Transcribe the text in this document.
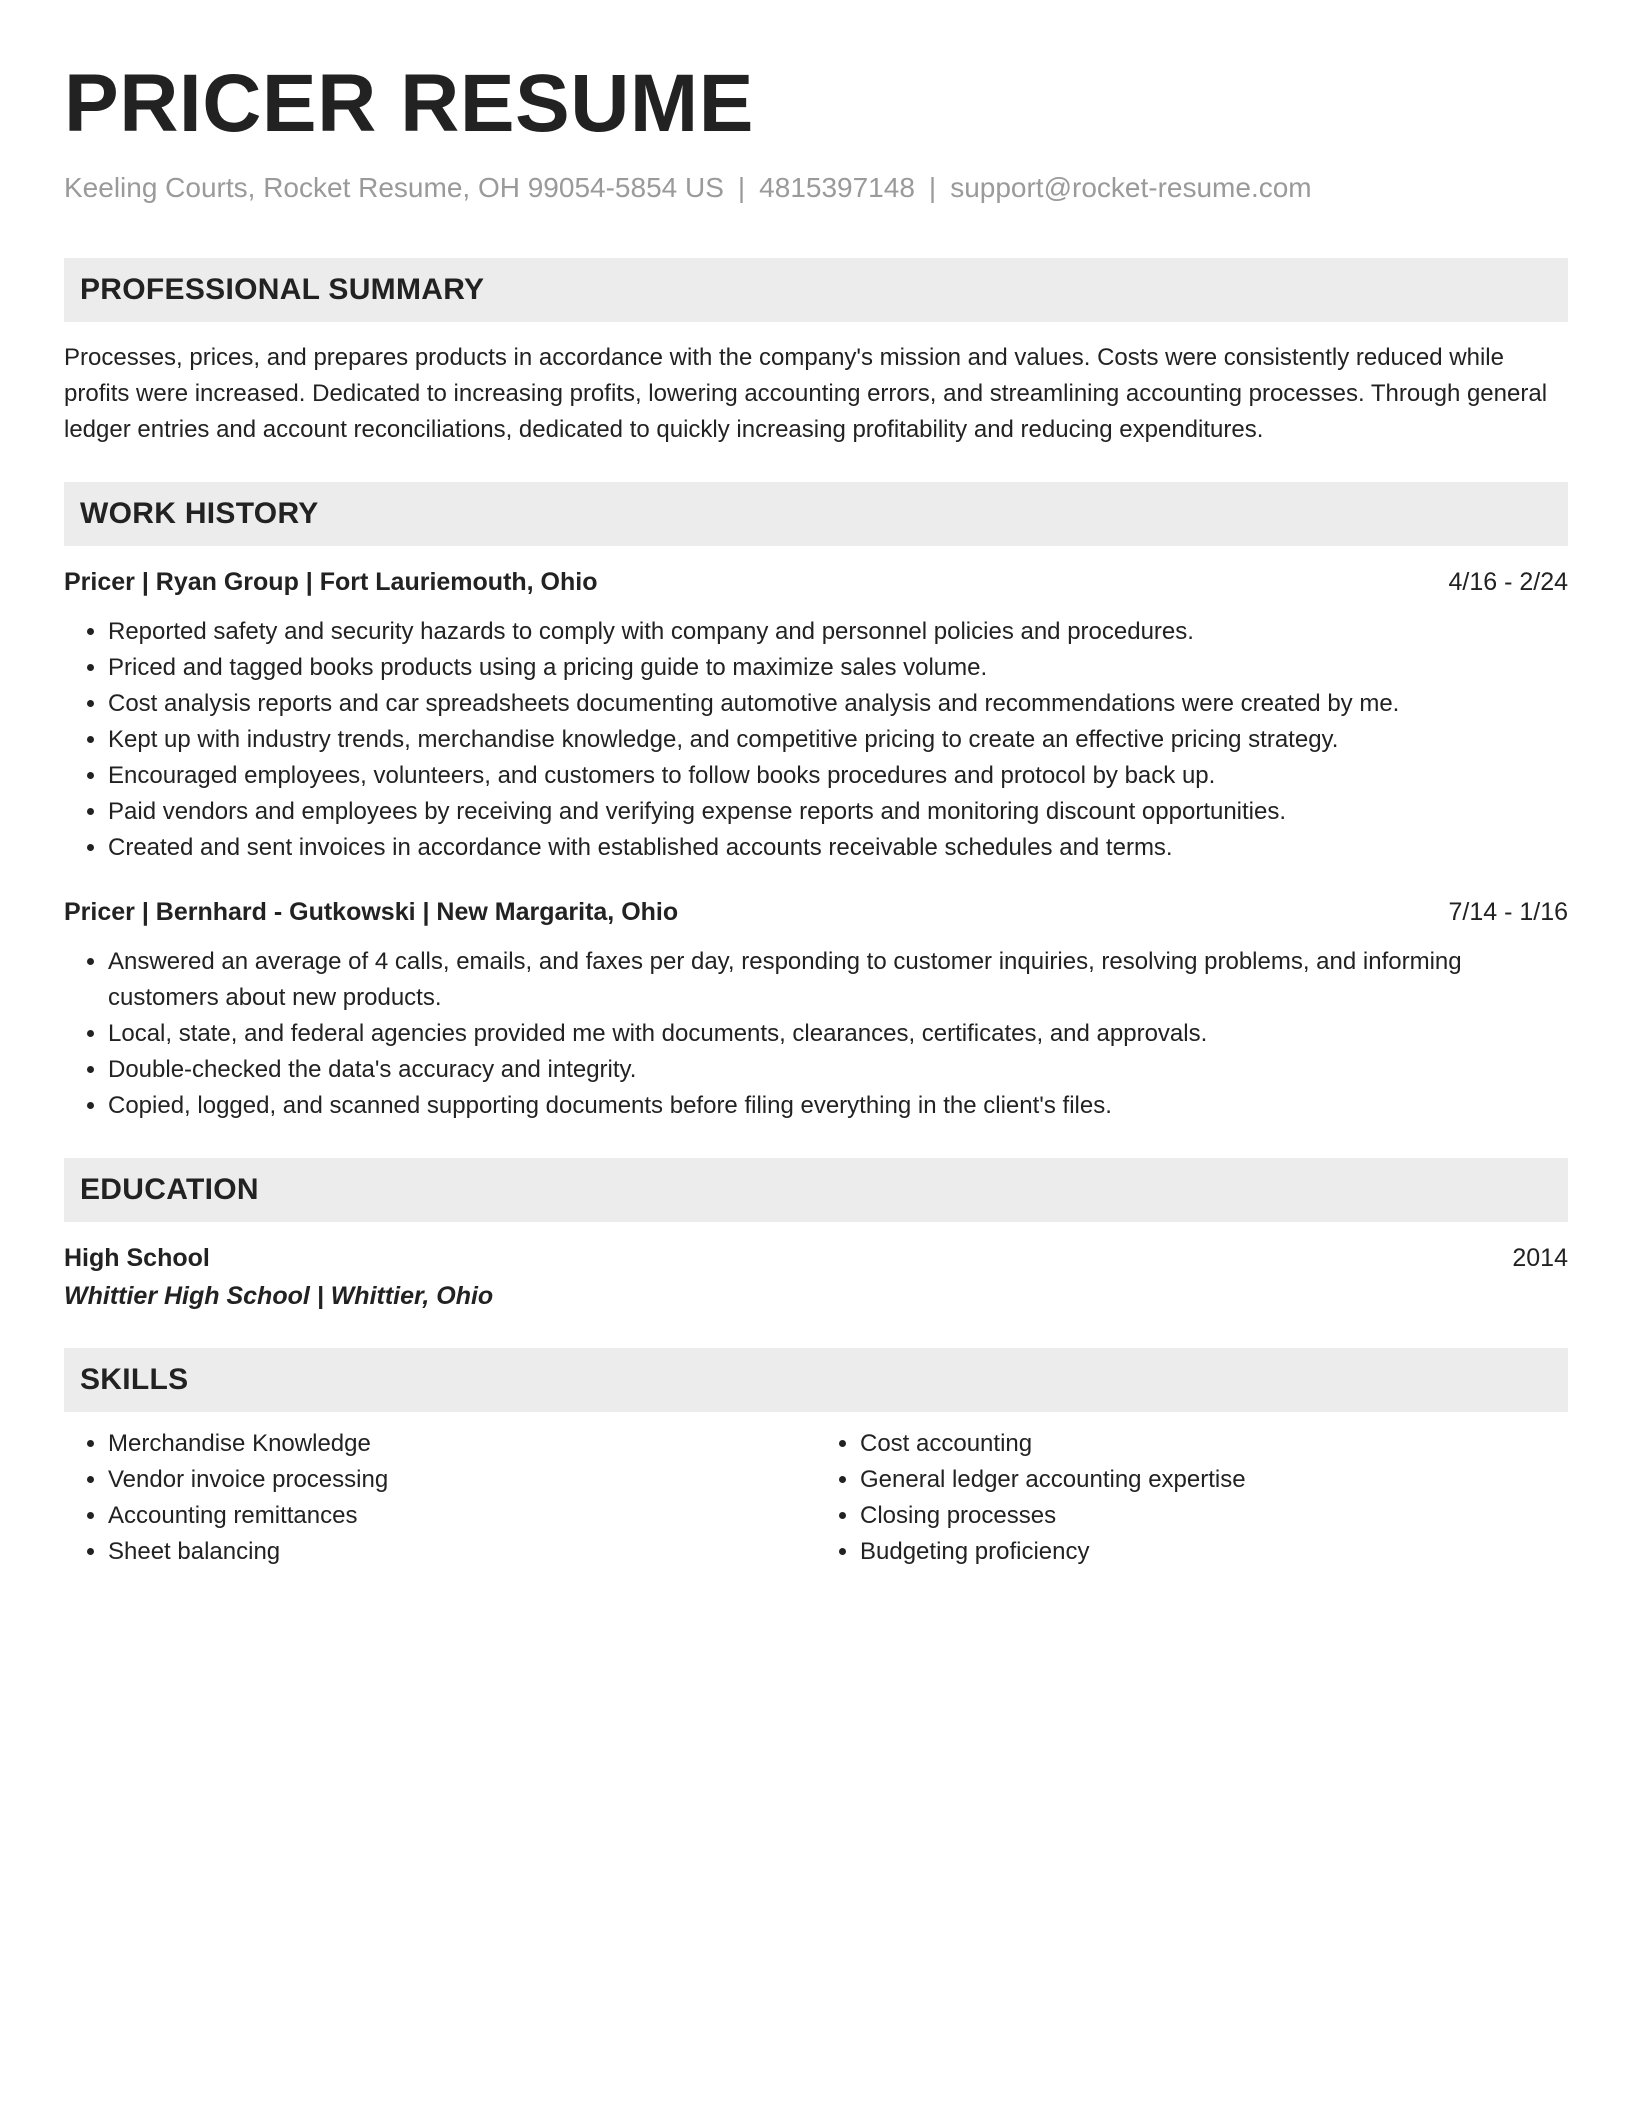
PRICER RESUME
Keeling Courts, Rocket Resume, OH 99054-5854 US | 4815397148 | support@rocket-resume.com
PROFESSIONAL SUMMARY
Processes, prices, and prepares products in accordance with the company's mission and values. Costs were consistently reduced while profits were increased. Dedicated to increasing profits, lowering accounting errors, and streamlining accounting processes. Through general ledger entries and account reconciliations, dedicated to quickly increasing profitability and reducing expenditures.
WORK HISTORY
Pricer | Ryan Group | Fort Lauriemouth, Ohio	4/16 - 2/24
• Reported safety and security hazards to comply with company and personnel policies and procedures.
• Priced and tagged books products using a pricing guide to maximize sales volume.
• Cost analysis reports and car spreadsheets documenting automotive analysis and recommendations were created by me.
• Kept up with industry trends, merchandise knowledge, and competitive pricing to create an effective pricing strategy.
• Encouraged employees, volunteers, and customers to follow books procedures and protocol by back up.
• Paid vendors and employees by receiving and verifying expense reports and monitoring discount opportunities.
• Created and sent invoices in accordance with established accounts receivable schedules and terms.
Pricer | Bernhard - Gutkowski | New Margarita, Ohio	7/14 - 1/16
• Answered an average of 4 calls, emails, and faxes per day, responding to customer inquiries, resolving problems, and informing customers about new products.
• Local, state, and federal agencies provided me with documents, clearances, certificates, and approvals.
• Double-checked the data's accuracy and integrity.
• Copied, logged, and scanned supporting documents before filing everything in the client's files.
EDUCATION
High School	2014
Whittier High School | Whittier, Ohio
SKILLS
• Merchandise Knowledge
• Vendor invoice processing
• Accounting remittances
• Sheet balancing
• Cost accounting
• General ledger accounting expertise
• Closing processes
• Budgeting proficiency
